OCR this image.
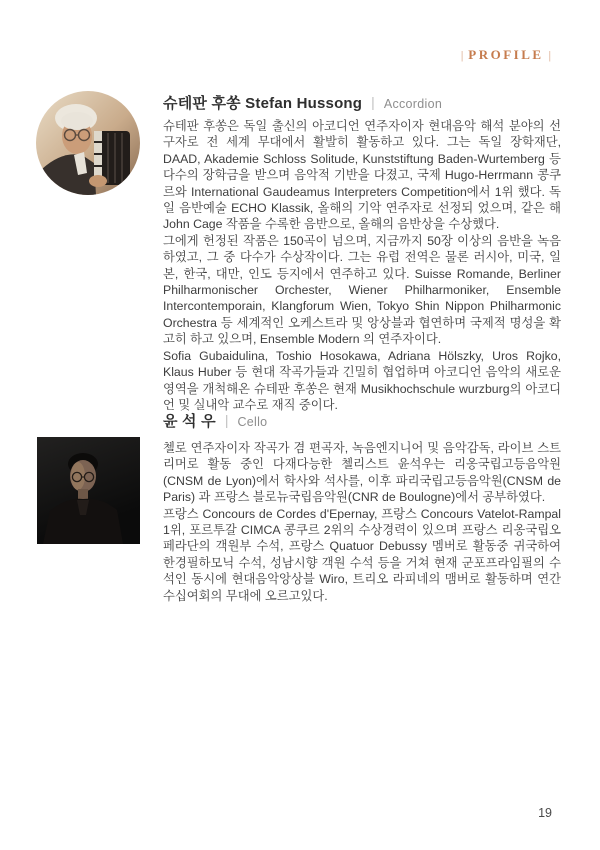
| PROFILE |
슈테판 후쏭 Stefan Hussong | Accordion

슈테판 후쏭은 독일 출신의 아코디언 연주자이자 현대음악 해석 분야의 선구자로 전 세계 무대에서 활발히 활동하고 있다. 그는 독일 장학재단, DAAD, Akademie Schloss Solitude, Kunststiftung Baden-Wurtemberg 등 다수의 장학금을 받으며 음악적 기반을 다졌고, 국제 Hugo-Herrmann 콩쿠르와 International Gaudeamus Interpreters Competition에서 1위 했다. 독일 음반예술 ECHO Klassik, 올해의 기악 연주자로 선정되 었으며, 같은 해 John Cage 작품을 수록한 음반으로, 올해의 음반상을 수상했다.

그에게 헌정된 작품은 150곡이 넘으며, 지금까지 50장 이상의 음반을 녹음하였고, 그 중 다수가 수상작이다. 그는 유럽 전역은 물론 러시아, 미국, 일본, 한국, 대만, 인도 등지에서 연주하고 있다. Suisse Romande, Berliner Philharmonischer Orchester, Wiener Philharmoniker, Ensemble Intercontemporain, Klangforum Wien, Tokyo Shin Nippon Philharmonic Orchestra 등 세계적인 오케스트라 및 앙상블과 협연하며 국제적 명성을 확고히 하고 있으며, Ensemble Modern 의 연주자이다.

Sofia Gubaidulina, Toshio Hosokawa, Adriana Hölszky, Uros Rojko, Klaus Huber 등 현대 작곡가들과 긴밀히 협업하며 아코디언 음악의 새로운 영역을 개척해온 슈테판 후쏭은 현재 Musikhochschule wurzburg의 아코디언 및 실내악 교수로 재직 중이다.

윤 석 우 | Cello

첼로 연주자이자 작곡가 겸 편곡자, 녹음엔지니어 및 음악감독, 라이브 스트리머로 활동 중인 다재다능한 첼리스트 윤석우는 리옹국립고등음악원(CNSM de Lyon)에서 학사와 석사를, 이후 파리국립고등음악원(CNSM de Paris) 과 프랑스 블로뉴국립음악원(CNR de Boulogne)에서 공부하였다.

프랑스 Concours de Cordes d'Epernay, 프랑스 Concours Vatelot-Rampal 1위, 포르투갈 CIMCA 콩쿠르 2위의 수상경력이 있으며 프랑스 리옹국립오페라단의 객원부 수석, 프랑스 Quatuor Debussy 멤버로 활동중 귀국하여 한경필하모닉 수석, 성남시향 객원 수석 등을 거쳐 현재 군포프라임필의 수석인 동시에 현대음악앙상블 Wiro, 트리오 라피네의 맴버로 활동하며 연간 수십여회의 무대에 오르고있다.

19
